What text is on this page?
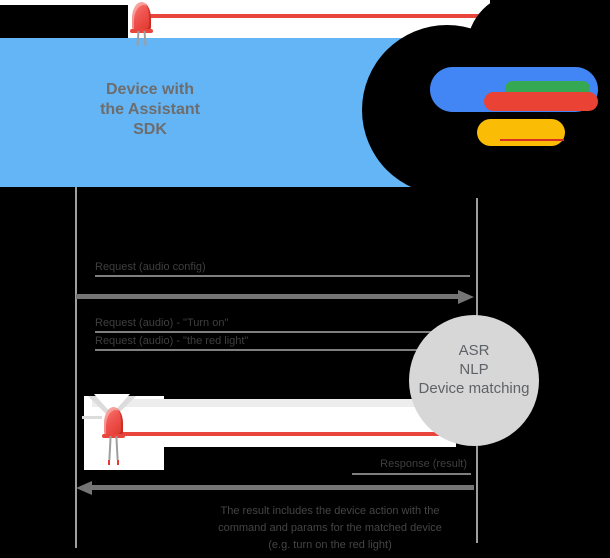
Device with
the Assistant
SDK
Request (audio config)
Request (audio) - "Turn on"
Request (audio) - "the red light"
ASR
NLP
Device matching
Response (result)
The result includes the device action with the
command and params for the matched device
(e.g. turn on the red light)
